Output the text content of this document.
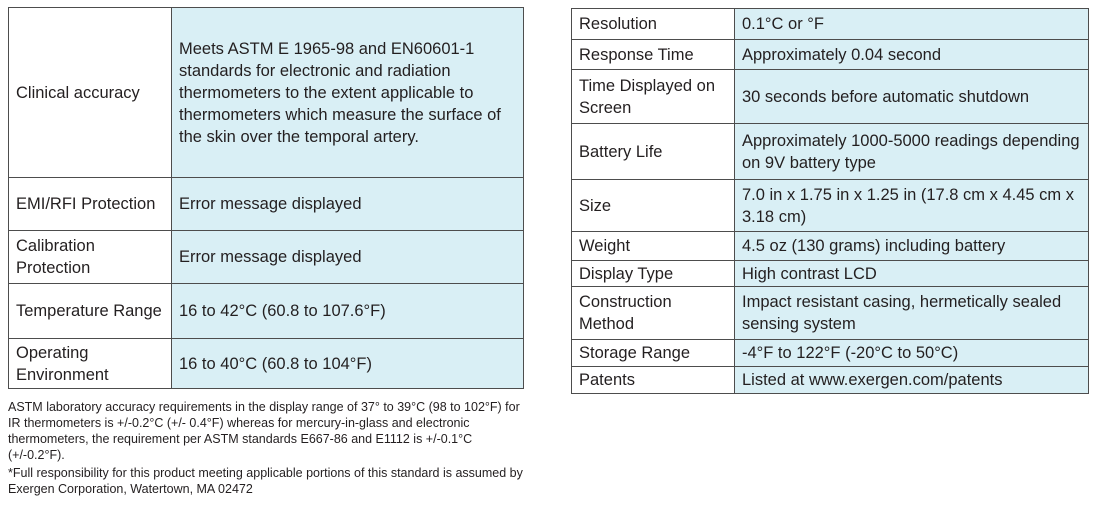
Clinical accuracy	Meets ASTM E 1965-98 and EN60601-1 standards for electronic and radiation thermometers to the extent applicable to thermometers which measure the surface of the skin over the temporal artery.
EMI/RFI Protection	Error message displayed
Calibration Protection	Error message displayed
Temperature Range	16 to 42°C (60.8 to 107.6°F)
Operating Environment	16 to 40°C (60.8 to 104°F)
Resolution	0.1°C or °F
Response Time	Approximately 0.04 second
Time Displayed on Screen	30 seconds before automatic shutdown
Battery Life	Approximately 1000-5000 readings depending on 9V battery type
Size	7.0 in x 1.75 in x 1.25 in (17.8 cm x 4.45 cm x 3.18 cm)
Weight	4.5 oz (130 grams) including battery
Display Type	High contrast LCD
Construction Method	Impact resistant casing, hermetically sealed sensing system
Storage Range	-4°F to 122°F (-20°C to 50°C)
Patents	Listed at www.exergen.com/patents

ASTM laboratory accuracy requirements in the display range of 37° to 39°C (98 to 102°F) for IR thermometers is +/-0.2°C (+/- 0.4°F) whereas for mercury-in-glass and electronic thermometers, the requirement per ASTM standards E667-86 and E1112 is +/-0.1°C (+/-0.2°F).

*Full responsibility for this product meeting applicable portions of this standard is assumed by Exergen Corporation, Watertown, MA 02472
